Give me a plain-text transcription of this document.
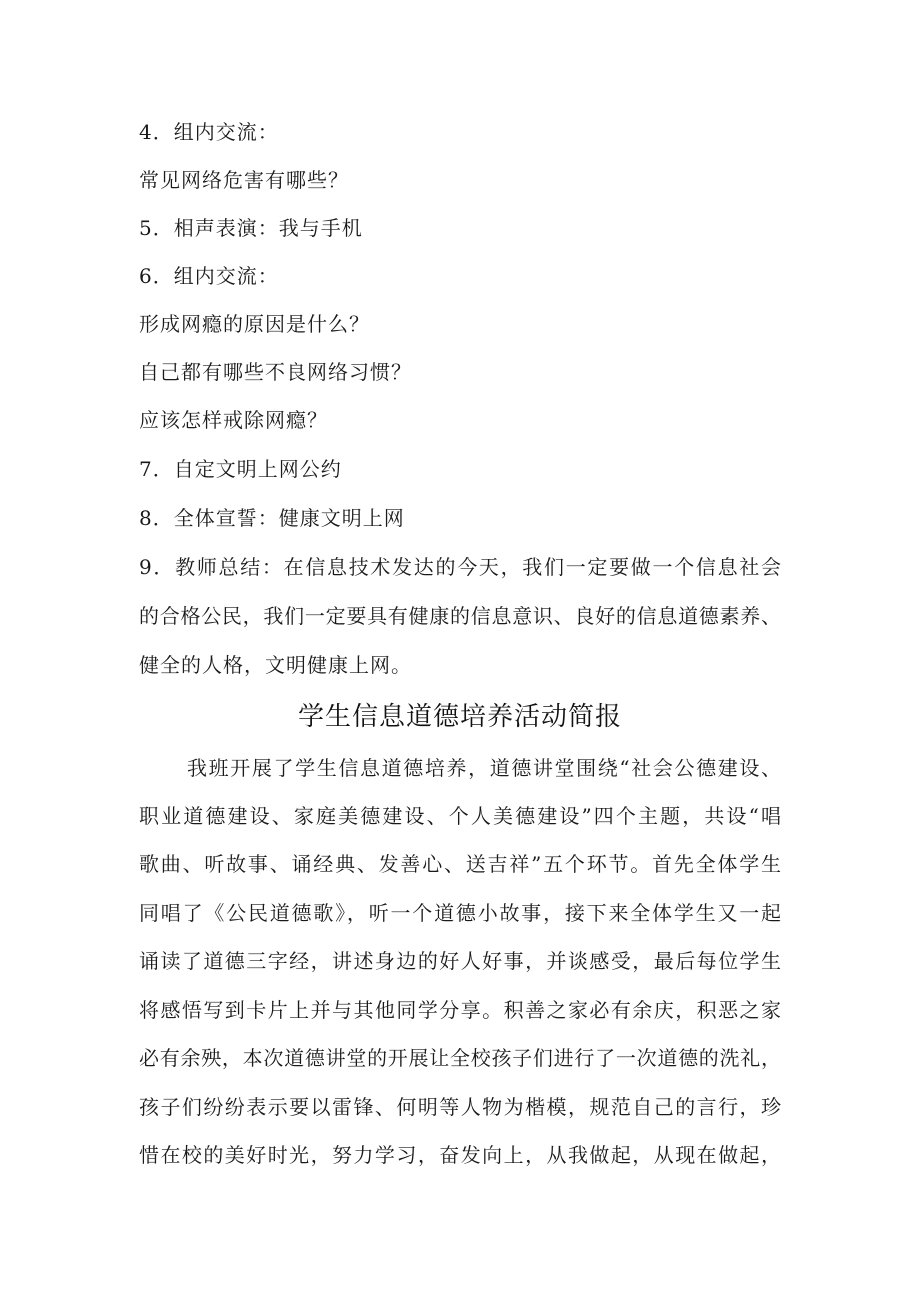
4．组内交流：
常见网络危害有哪些？
5．相声表演：我与手机
6．组内交流：
形成网瘾的原因是什么？
自己都有哪些不良网络习惯？
应该怎样戒除网瘾？
7．自定文明上网公约
8．全体宣誓：健康文明上网
9．教师总结：在信息技术发达的今天，我们一定要做一个信息社会
的合格公民，我们一定要具有健康的信息意识、良好的信息道德素养、
健全的人格，文明健康上网。
学生信息道德培养活动简报
我班开展了学生信息道德培养，道德讲堂围绕“社会公德建设、
职业道德建设、家庭美德建设、个人美德建设”四个主题，共设“唱
歌曲、听故事、诵经典、发善心、送吉祥”五个环节。首先全体学生
同唱了《公民道德歌》，听一个道德小故事，接下来全体学生又一起
诵读了道德三字经，讲述身边的好人好事，并谈感受，最后每位学生
将感悟写到卡片上并与其他同学分享。积善之家必有余庆，积恶之家
必有余殃，本次道德讲堂的开展让全校孩子们进行了一次道德的洗礼，
孩子们纷纷表示要以雷锋、何明等人物为楷模，规范自己的言行，珍
惜在校的美好时光，努力学习，奋发向上，从我做起，从现在做起，
